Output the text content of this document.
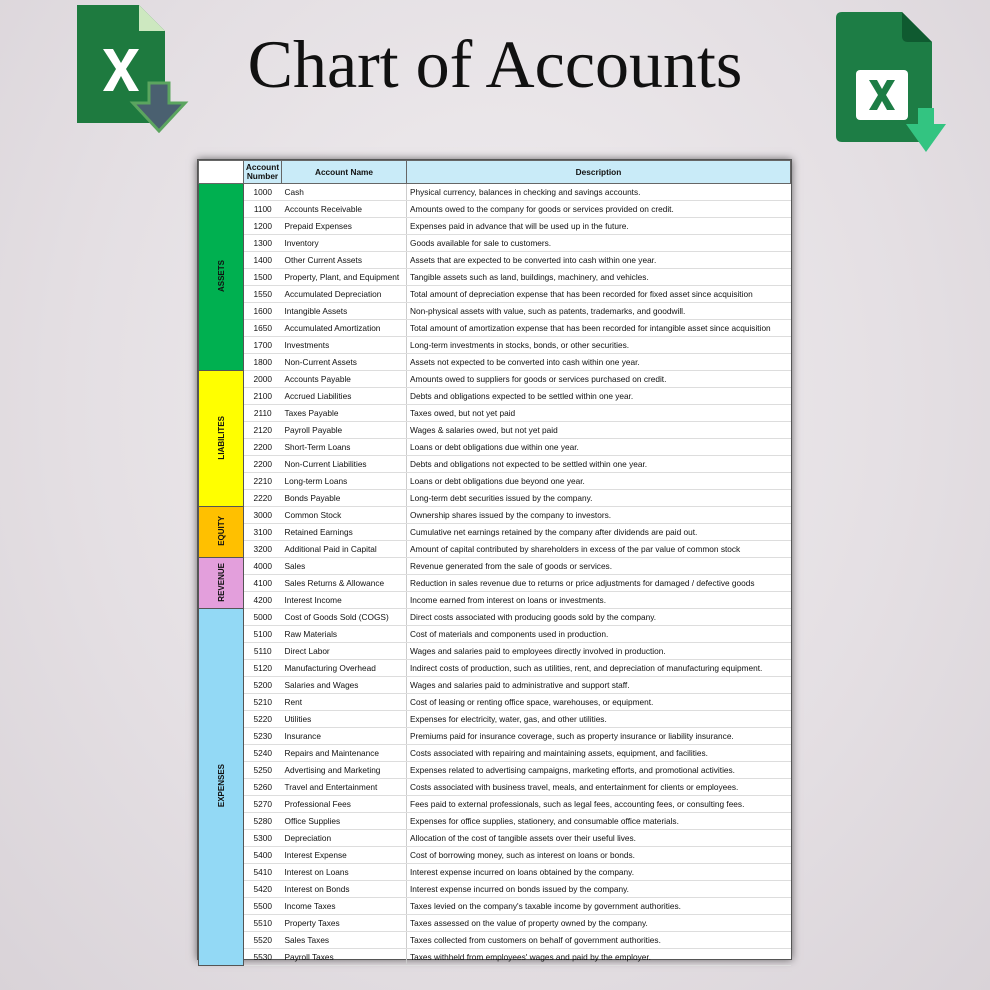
Chart of Accounts
	Account Number	Account Name	Description
ASSETS	1000	Cash	Physical currency, balances in checking and savings accounts.
	1100	Accounts Receivable	Amounts owed to the company for goods or services provided on credit.
	1200	Prepaid Expenses	Expenses paid in advance that will be used up in the future.
	1300	Inventory	Goods available for sale to customers.
	1400	Other Current Assets	Assets that are expected to be converted into cash within one year.
	1500	Property, Plant, and Equipment	Tangible assets such as land, buildings, machinery, and vehicles.
	1550	Accumulated Depreciation	Total amount of depreciation expense that has been recorded for fixed asset since acquisition
	1600	Intangible Assets	Non-physical assets with value, such as patents, trademarks, and goodwill.
	1650	Accumulated Amortization	Total amount of amortization expense that has been recorded for intangible asset since acquisition
	1700	Investments	Long-term investments in stocks, bonds, or other securities.
	1800	Non-Current Assets	Assets not expected to be converted into cash within one year.
LIABILITES	2000	Accounts Payable	Amounts owed to suppliers for goods or services purchased on credit.
	2100	Accrued Liabilities	Debts and obligations expected to be settled within one year.
	2110	Taxes Payable	Taxes owed, but not yet paid
	2120	Payroll Payable	Wages & salaries owed, but not yet paid
	2200	Short-Term Loans	Loans or debt obligations due within one year.
	2200	Non-Current Liabilities	Debts and obligations not expected to be settled within one year.
	2210	Long-term Loans	Loans or debt obligations due beyond one year.
	2220	Bonds Payable	Long-term debt securities issued by the company.
EQUITY	3000	Common Stock	Ownership shares issued by the company to investors.
	3100	Retained Earnings	Cumulative net earnings retained by the company after dividends are paid out.
	3200	Additional Paid in Capital	Amount of capital contributed by shareholders in excess of the par value of common stock
REVENUE	4000	Sales	Revenue generated from the sale of goods or services.
	4100	Sales Returns & Allowance	Reduction in sales revenue due to returns or price adjustments for damaged / defective goods
	4200	Interest Income	Income earned from interest on loans or investments.
EXPENSES	5000	Cost of Goods Sold (COGS)	Direct costs associated with producing goods sold by the company.
	5100	Raw Materials	Cost of materials and components used in production.
	5110	Direct Labor	Wages and salaries paid to employees directly involved in production.
	5120	Manufacturing Overhead	Indirect costs of production, such as utilities, rent, and depreciation of manufacturing equipment.
	5200	Salaries and Wages	Wages and salaries paid to administrative and support staff.
	5210	Rent	Cost of leasing or renting office space, warehouses, or equipment.
	5220	Utilities	Expenses for electricity, water, gas, and other utilities.
	5230	Insurance	Premiums paid for insurance coverage, such as property insurance or liability insurance.
	5240	Repairs and Maintenance	Costs associated with repairing and maintaining assets, equipment, and facilities.
	5250	Advertising and Marketing	Expenses related to advertising campaigns, marketing efforts, and promotional activities.
	5260	Travel and Entertainment	Costs associated with business travel, meals, and entertainment for clients or employees.
	5270	Professional Fees	Fees paid to external professionals, such as legal fees, accounting fees, or consulting fees.
	5280	Office Supplies	Expenses for office supplies, stationery, and consumable office materials.
	5300	Depreciation	Allocation of the cost of tangible assets over their useful lives.
	5400	Interest Expense	Cost of borrowing money, such as interest on loans or bonds.
	5410	Interest on Loans	Interest expense incurred on loans obtained by the company.
	5420	Interest on Bonds	Interest expense incurred on bonds issued by the company.
	5500	Income Taxes	Taxes levied on the company's taxable income by government authorities.
	5510	Property Taxes	Taxes assessed on the value of property owned by the company.
	5520	Sales Taxes	Taxes collected from customers on behalf of government authorities.
	5530	Payroll Taxes	Taxes withheld from employees' wages and paid by the employer.
